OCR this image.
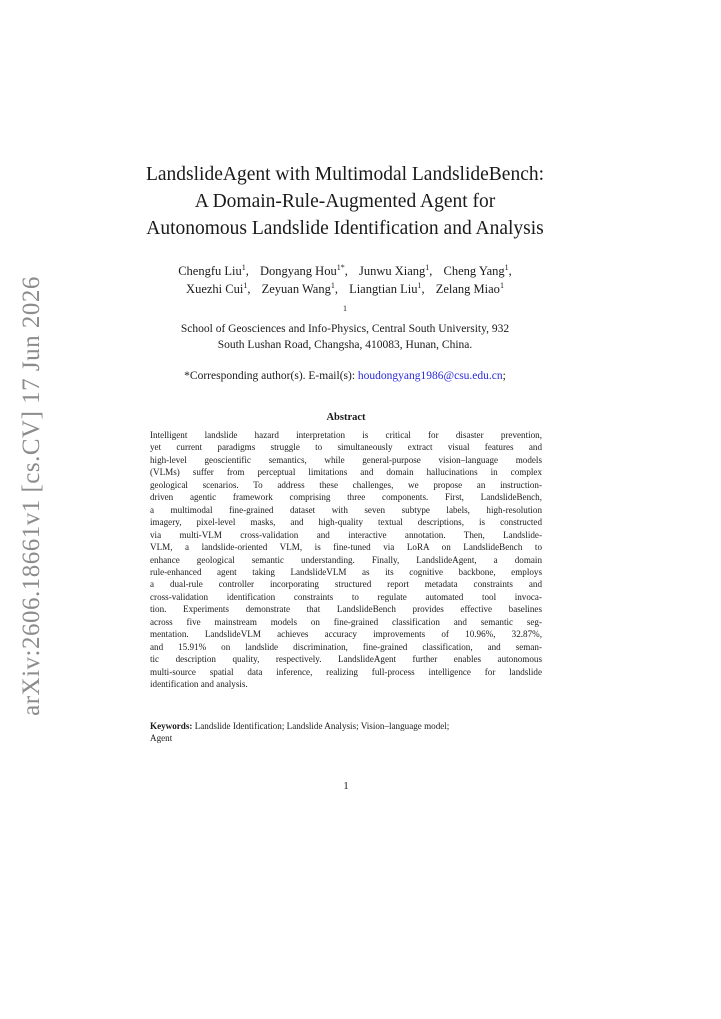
arXiv:2606.18661v1 [cs.CV] 17 Jun 2026
LandslideAgent with Multimodal LandslideBench:
A Domain-Rule-Augmented Agent for
Autonomous Landslide Identification and Analysis
Chengfu Liu$^1$, Dongyang Hou$^{1*}$, Junwu Xiang$^1$, Cheng Yang$^1$,
Xuezhi Cui$^1$, Zeyuan Wang$^1$, Liangtian Liu$^1$, Zelang Miao$^1$
$^1$
School of Geosciences and Info-Physics, Central South University, 932
South Lushan Road, Changsha, 410083, Hunan, China.
*Corresponding author(s). E-mail(s): houdongyang1986@csu.edu.cn;
Abstract
Intelligent landslide hazard interpretation is critical for disaster prevention,
yet current paradigms struggle to simultaneously extract visual features and
high-level geoscientific semantics, while general-purpose vision–language models
(VLMs) suffer from perceptual limitations and domain hallucinations in complex
geological scenarios. To address these challenges, we propose an instruction-
driven agentic framework comprising three components. First, LandslideBench,
a multimodal fine-grained dataset with seven subtype labels, high-resolution
imagery, pixel-level masks, and high-quality textual descriptions, is constructed
via multi-VLM cross-validation and interactive annotation. Then, Landslide-
VLM, a landslide-oriented VLM, is fine-tuned via LoRA on LandslideBench to
enhance geological semantic understanding. Finally, LandslideAgent, a domain
rule-enhanced agent taking LandslideVLM as its cognitive backbone, employs
a dual-rule controller incorporating structured report metadata constraints and
cross-validation identification constraints to regulate automated tool invoca-
tion. Experiments demonstrate that LandslideBench provides effective baselines
across five mainstream models on fine-grained classification and semantic seg-
mentation. LandslideVLM achieves accuracy improvements of 10.96%, 32.87%,
and 15.91% on landslide discrimination, fine-grained classification, and seman-
tic description quality, respectively. LandslideAgent further enables autonomous
multi-source spatial data inference, realizing full-process intelligence for landslide
identification and analysis.
Keywords: Landslide Identification; Landslide Analysis; Vision–language model;
Agent
1
